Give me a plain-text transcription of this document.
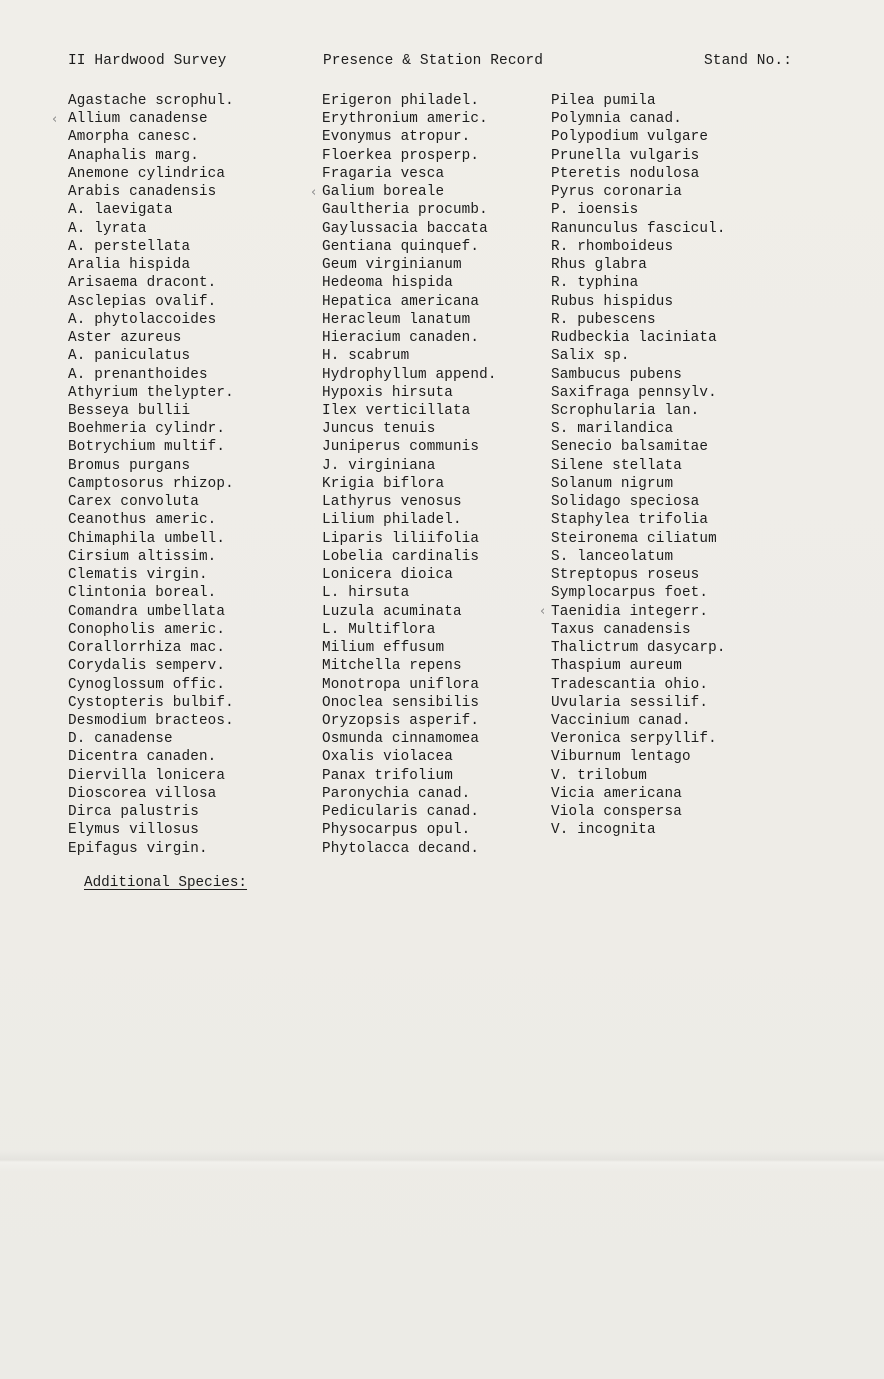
II Hardwood Survey	Presence & Station Record	Stand No.:
Agastache scrophul.
Allium canadense
Amorpha canesc.
Anaphalis marg.
Anemone cylindrica
Arabis canadensis
A. laevigata
A. lyrata
A. perstellata
Aralia hispida
Arisaema dracont.
Asclepias ovalif.
A. phytolaccoides
Aster azureus
A. paniculatus
A. prenanthoides
Athyrium thelypter.
Besseya bullii
Boehmeria cylindr.
Botrychium multif.
Bromus purgans
Camptosorus rhizop.
Carex convoluta
Ceanothus americ.
Chimaphila umbell.
Cirsium altissim.
Clematis virgin.
Clintonia boreal.
Comandra umbellata
Conopholis americ.
Corallorrhiza mac.
Corydalis semperv.
Cynoglossum offic.
Cystopteris bulbif.
Desmodium bracteos.
D. canadense
Dicentra canaden.
Diervilla lonicera
Dioscorea villosa
Dirca palustris
Elymus villosus
Epifagus virgin.
Erigeron philadel.
Erythronium americ.
Evonymus atropur.
Floerkea prosperp.
Fragaria vesca
Galium boreale
Gaultheria procumb.
Gaylussacia baccata
Gentiana quinquef.
Geum virginianum
Hedeoma hispida
Hepatica americana
Heracleum lanatum
Hieracium canaden.
H. scabrum
Hydrophyllum append.
Hypoxis hirsuta
Ilex verticillata
Juncus tenuis
Juniperus communis
J. virginiana
Krigia biflora
Lathyrus venosus
Lilium philadel.
Liparis liliifolia
Lobelia cardinalis
Lonicera dioica
L. hirsuta
Luzula acuminata
L. Multiflora
Milium effusum
Mitchella repens
Monotropa uniflora
Onoclea sensibilis
Oryzopsis asperif.
Osmunda cinnamomea
Oxalis violacea
Panax trifolium
Paronychia canad.
Pedicularis canad.
Physocarpus opul.
Phytolacca decand.
Pilea pumila
Polymnia canad.
Polypodium vulgare
Prunella vulgaris
Pteretis nodulosa
Pyrus coronaria
P. ioensis
Ranunculus fascicul.
R. rhomboideus
Rhus glabra
R. typhina
Rubus hispidus
R. pubescens
Rudbeckia laciniata
Salix sp.
Sambucus pubens
Saxifraga pennsylv.
Scrophularia lan.
S. marilandica
Senecio balsamitae
Silene stellata
Solanum nigrum
Solidago speciosa
Staphylea trifolia
Steironema ciliatum
S. lanceolatum
Streptopus roseus
Symplocarpus foet.
Taenidia integerr.
Taxus canadensis
Thalictrum dasycarp.
Thaspium aureum
Tradescantia ohio.
Uvularia sessilif.
Vaccinium canad.
Veronica serpyllif.
Viburnum lentago
V. trilobum
Vicia americana
Viola conspersa
V. incognita
Additional Species:
‹
‹
‹
